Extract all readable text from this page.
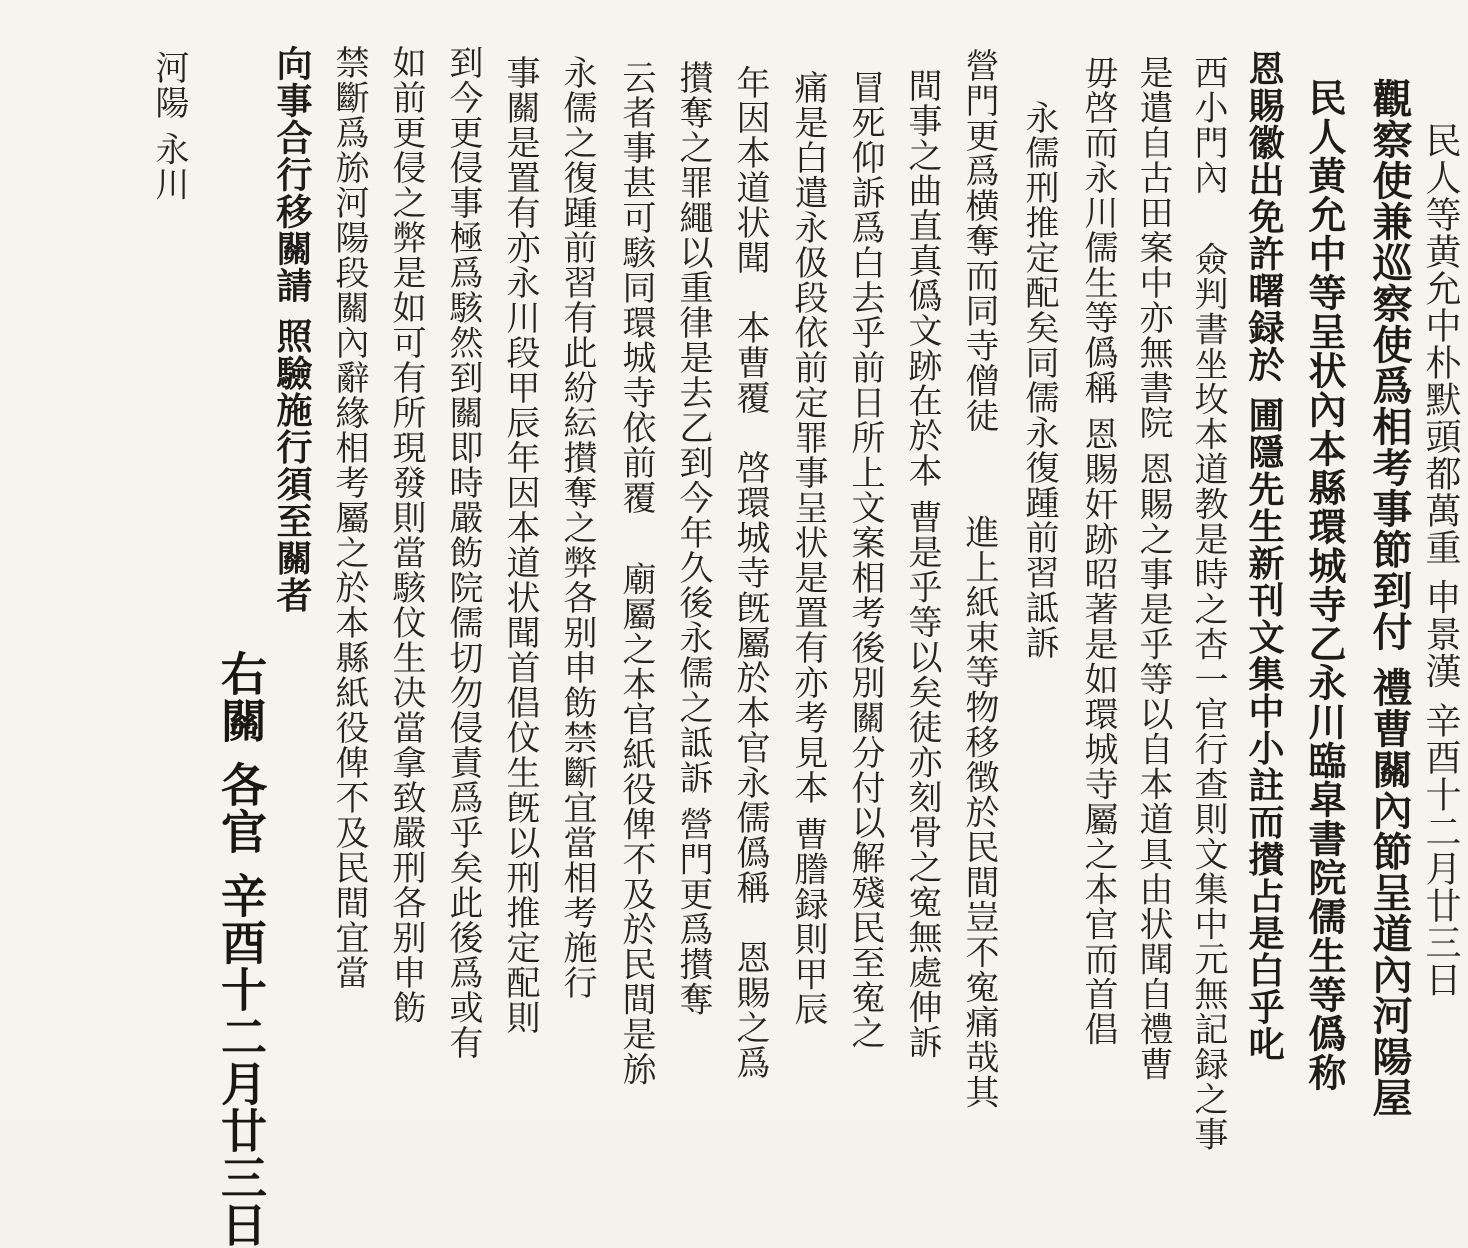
民人等黄允中朴默頭都萬重 申景漢 辛酉十二月廿三日
觀察使兼巡察使爲相考事節到付 禮曹關內節呈道內河陽屋
民人黄允中等呈状內本縣環城寺乙永川臨皐書院儒生等僞称
恩賜徽出免許曙録於 圃隱先生新刊文集中小註而攅占是白乎叱
西小門內 　僉判書坐坆本道教是時之杏一官行查則文集中元無記録之事
是遣自古田案中亦無書院 恩賜之事是乎等以自本道具由状聞自禮曹
毋啓而永川儒生等僞稱 恩賜奸跡昭著是如環城寺屬之本官而首倡
永儒刑推定配矣同儒永復踵前習詆訴
營門更爲横奪而同寺僧徒 　　進上紙束等物移徴於民間豈不寃痛哉其
間事之曲直真僞文跡在於本 曹是乎等以矣徒亦刻骨之寃無處伸訴
冒死仰訴爲白去乎前日所上文案相考後別關分付以解殘民至寃之
痛是白遣永伋段依前定罪事呈状是置有亦考見本 曹謄録則甲辰
年因本道状聞　本曹覆　啓環城寺旣屬於本官永儒僞稱　恩賜之爲
攅奪之罪繩以重律是去乙到今年久後永儒之詆訴 營門更爲攅奪
云者事甚可駭同環城寺依前覆 　廟屬之本官紙役俾不及於民間是旀
永儒之復踵前習有此紛紜攅奪之弊各别申飭禁斷宜當相考施行
事關是置有亦永川段甲辰年因本道状聞首倡伩生旣以刑推定配則
到今更侵事極爲駭然到關即時嚴飭院儒切勿侵責爲乎矣此後爲或有
如前更侵之弊是如可有所現發則當駭伩生决當拿致嚴刑各别申飭
禁斷爲旀河陽段關內辭緣相考屬之於本縣紙役俾不及民間宜當
向事合行移關請 照驗施行須至關者
右關 各官 辛酉十二月廿三日
河陽 永川
